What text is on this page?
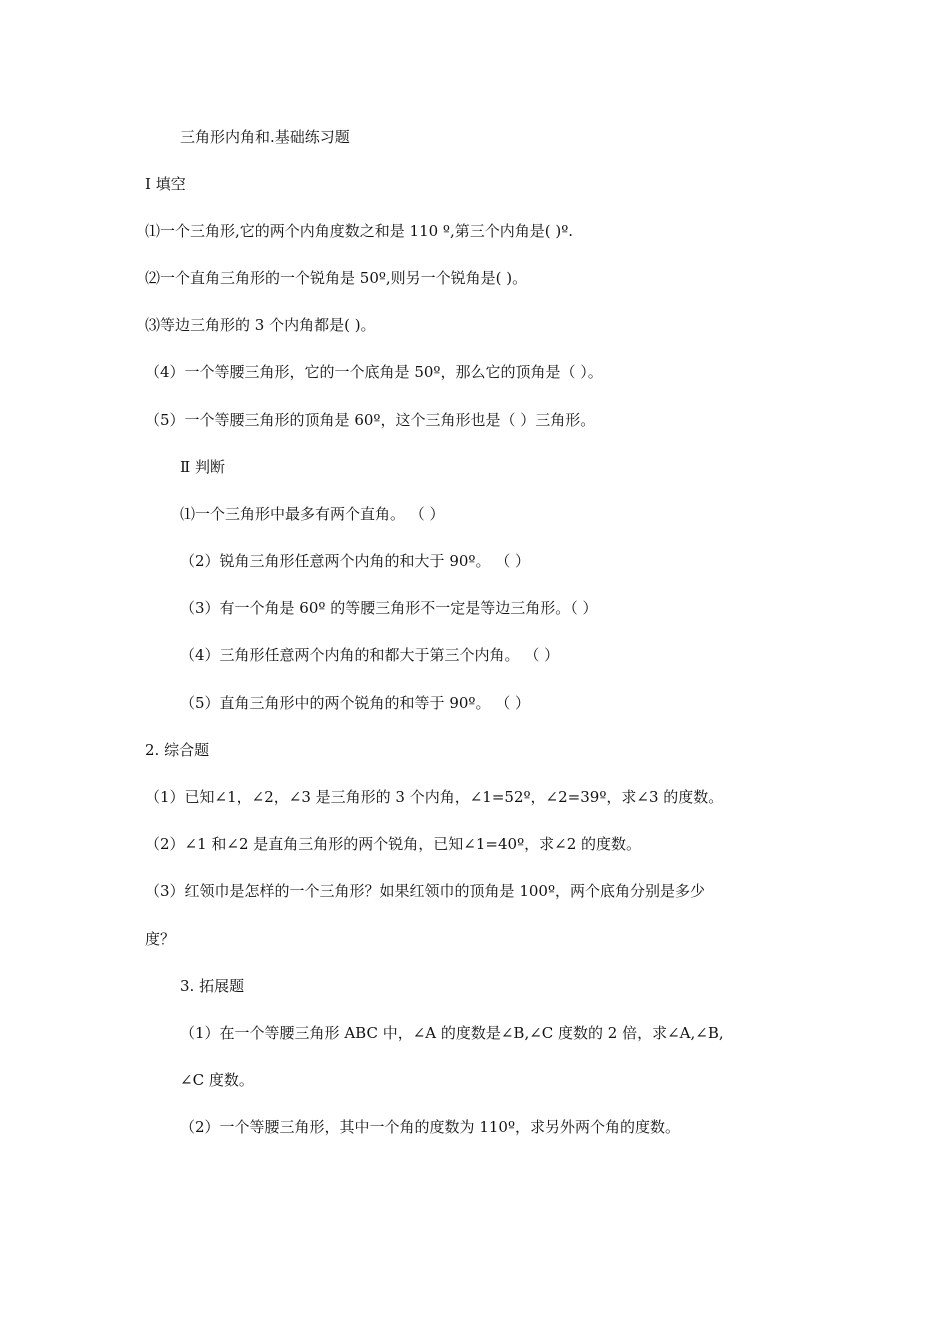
三角形内角和.基础练习题
Ⅰ 填空
⑴一个三角形,它的两个内角度数之和是 110 º,第三个内角是( )º.
⑵一个直角三角形的一个锐角是 50º,则另一个锐角是( )。
⑶等边三角形的 3 个内角都是( )。
（4）一个等腰三角形，它的一个底角是 50º，那么它的顶角是（ ）。
（5）一个等腰三角形的顶角是 60º，这个三角形也是（ ）三角形。
Ⅱ 判断
⑴一个三角形中最多有两个直角。 （ ）
（2）锐角三角形任意两个内角的和大于 90º。 （ ）
（3）有一个角是 60º 的等腰三角形不一定是等边三角形。（ ）
（4）三角形任意两个内角的和都大于第三个内角。 （ ）
（5）直角三角形中的两个锐角的和等于 90º。 （ ）
2. 综合题
（1）已知∠1，∠2，∠3 是三角形的 3 个内角，∠1=52º，∠2=39º，求∠3 的度数。
（2）∠1 和∠2 是直角三角形的两个锐角，已知∠1=40º，求∠2 的度数。
（3）红领巾是怎样的一个三角形？如果红领巾的顶角是 100º，两个底角分别是多少
度？
3. 拓展题
（1）在一个等腰三角形 ABC 中，∠A 的度数是∠B,∠C 度数的 2 倍，求∠A,∠B,
∠C 度数。
（2）一个等腰三角形，其中一个角的度数为 110º，求另外两个角的度数。
